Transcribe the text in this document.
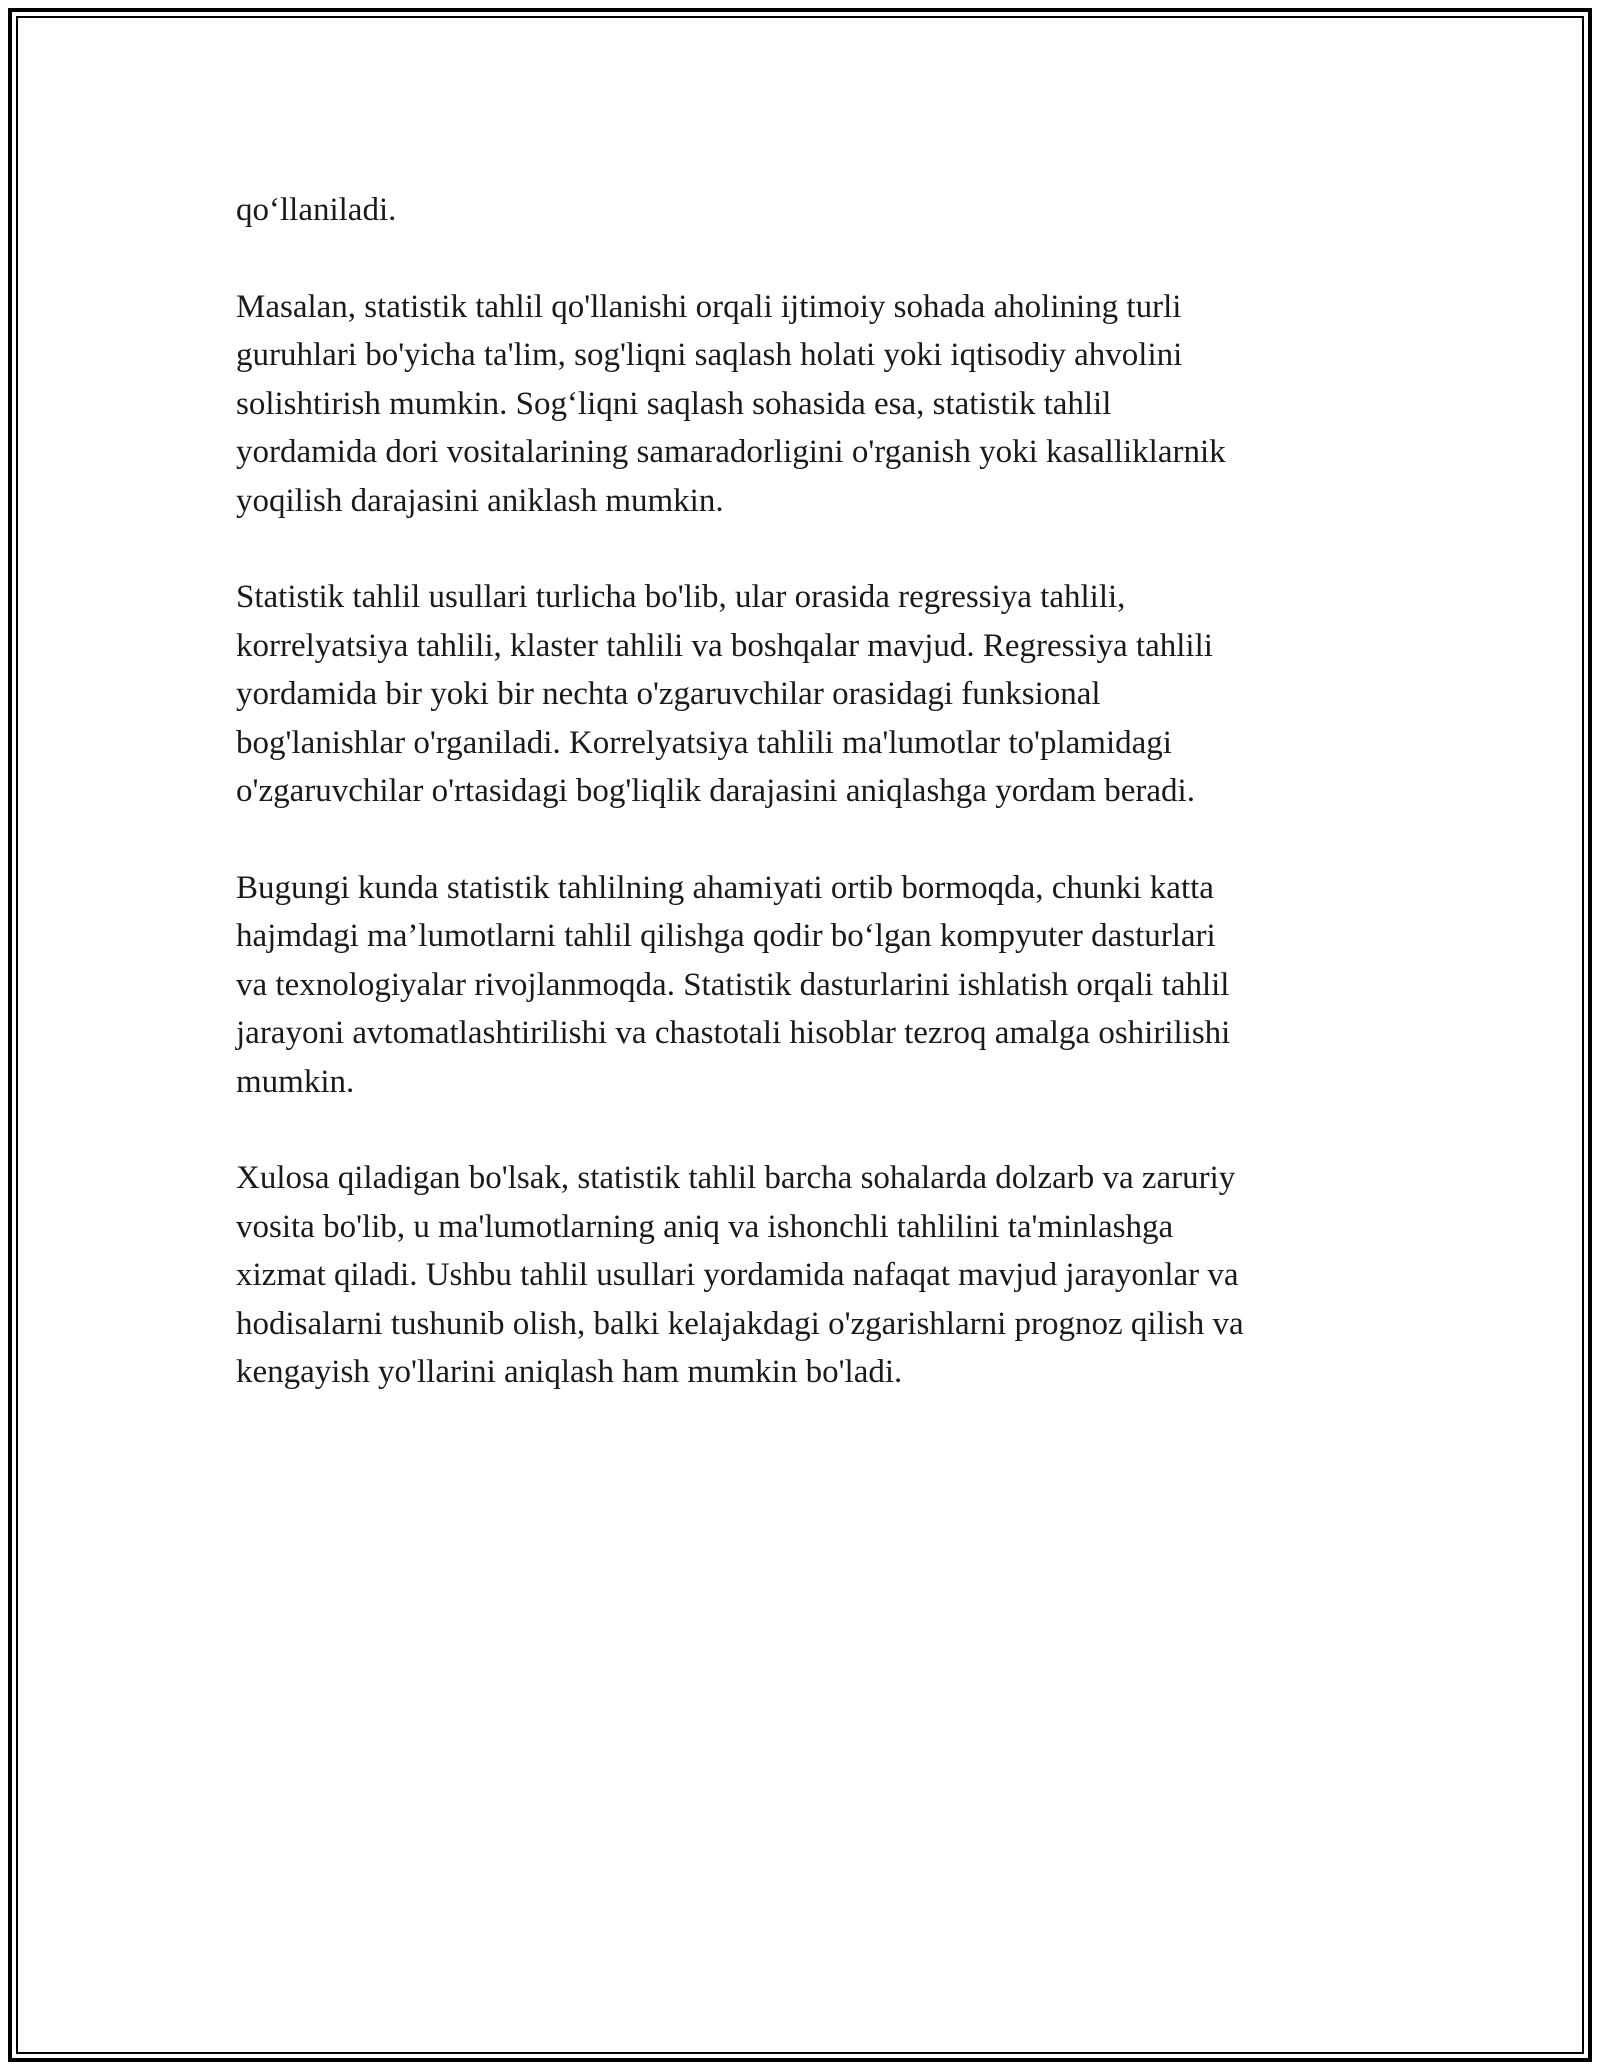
qo‘llaniladi.
Masalan, statistik tahlil qo'llanishi orqali ijtimoiy sohada aholining turli
guruhlari bo'yicha ta'lim, sog'liqni saqlash holati yoki iqtisodiy ahvolini
solishtirish mumkin. Sog‘liqni saqlash sohasida esa, statistik tahlil
yordamida dori vositalarining samaradorligini o'rganish yoki kasalliklarnik
yoqilish darajasini aniklash mumkin.
Statistik tahlil usullari turlicha bo'lib, ular orasida regressiya tahlili,
korrelyatsiya tahlili, klaster tahlili va boshqalar mavjud. Regressiya tahlili
yordamida bir yoki bir nechta o'zgaruvchilar orasidagi funksional
bog'lanishlar o'rganiladi. Korrelyatsiya tahlili ma'lumotlar to'plamidagi
o'zgaruvchilar o'rtasidagi bog'liqlik darajasini aniqlashga yordam beradi.
Bugungi kunda statistik tahlilning ahamiyati ortib bormoqda, chunki katta
hajmdagi ma’lumotlarni tahlil qilishga qodir bo‘lgan kompyuter dasturlari
va texnologiyalar rivojlanmoqda. Statistik dasturlarini ishlatish orqali tahlil
jarayoni avtomatlashtirilishi va chastotali hisoblar tezroq amalga oshirilishi
mumkin.
Xulosa qiladigan bo'lsak, statistik tahlil barcha sohalarda dolzarb va zaruriy
vosita bo'lib, u ma'lumotlarning aniq va ishonchli tahlilini ta'minlashga
xizmat qiladi. Ushbu tahlil usullari yordamida nafaqat mavjud jarayonlar va
hodisalarni tushunib olish, balki kelajakdagi o'zgarishlarni prognoz qilish va
kengayish yo'llarini aniqlash ham mumkin bo'ladi.
